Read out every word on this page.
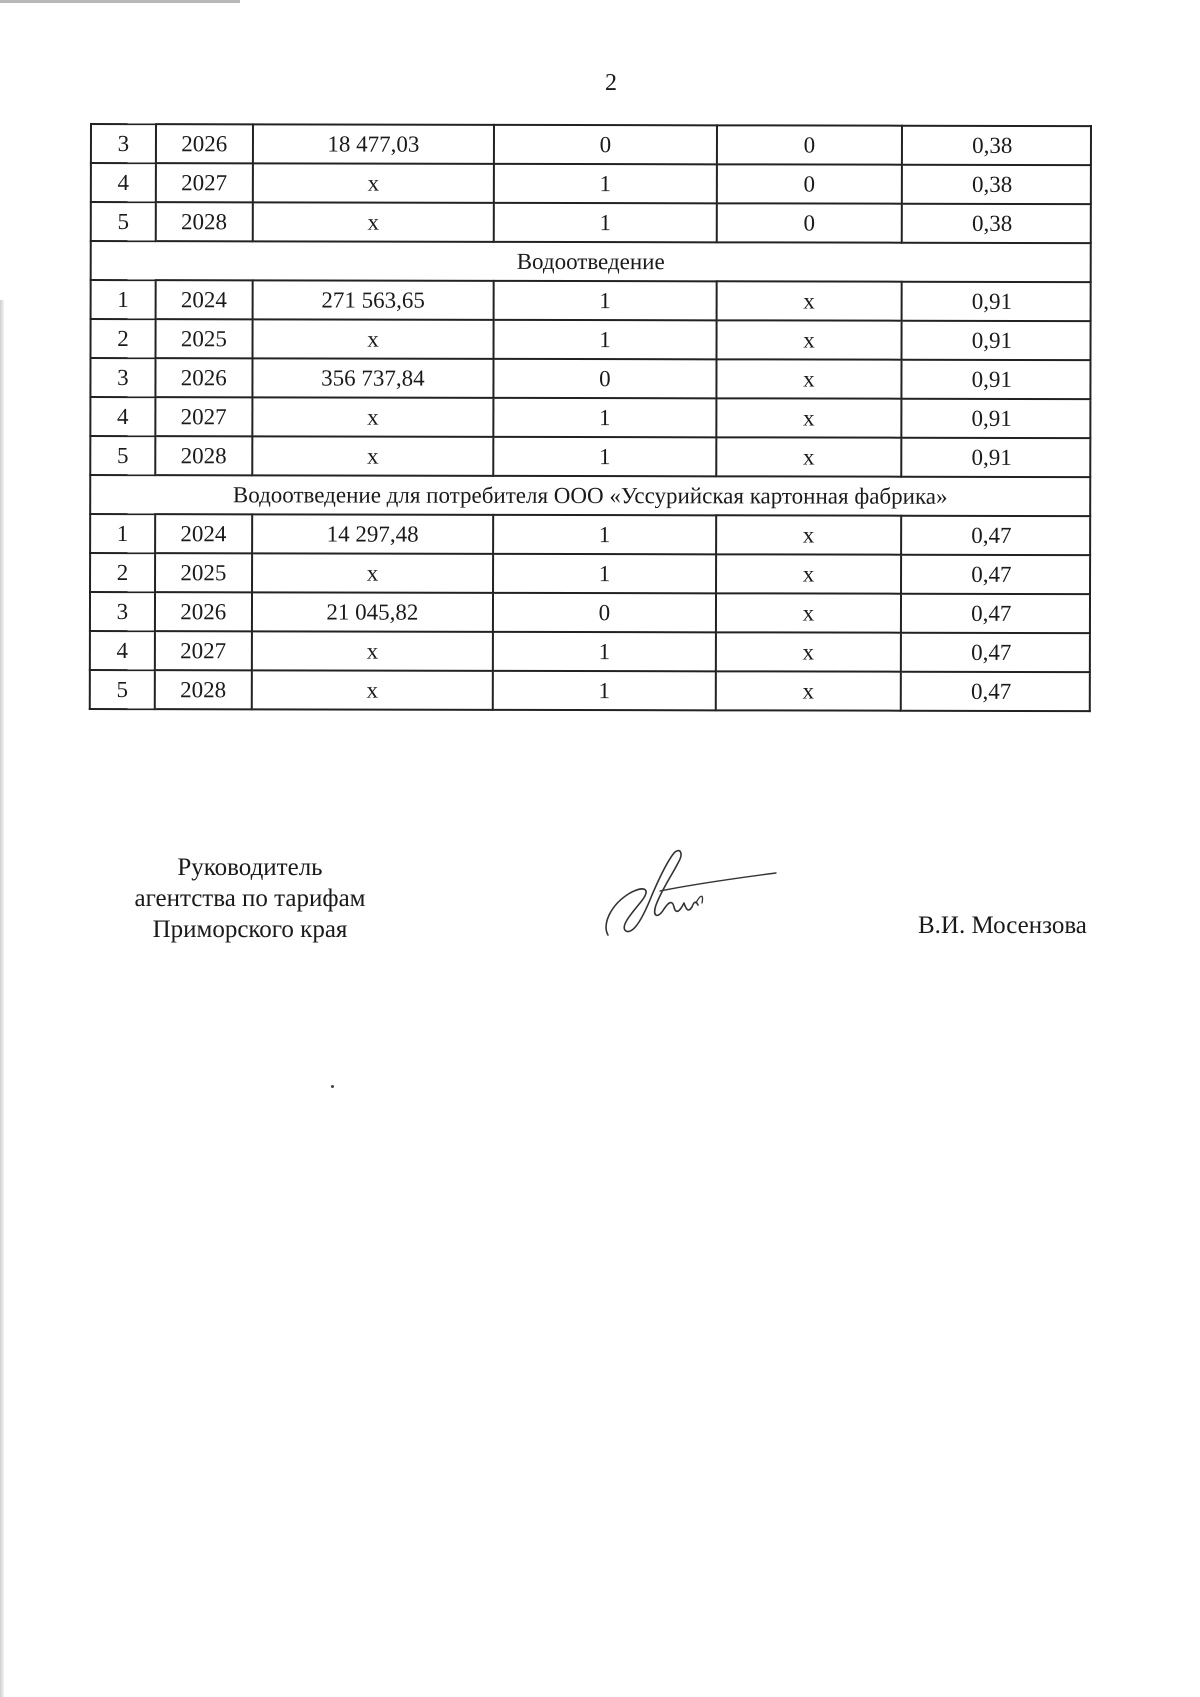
2
3	2026	18 477,03	0	0	0,38
4	2027	х	1	0	0,38
5	2028	х	1	0	0,38
Водоотведение					
1	2024	271 563,65	1	х	0,91
2	2025	х	1	х	0,91
3	2026	356 737,84	0	х	0,91
4	2027	х	1	х	0,91
5	2028	х	1	х	0,91
Водоотведение для потребителя ООО «Уссурийская картонная фабрика»					
1	2024	14 297,48	1	х	0,47
2	2025	х	1	х	0,47
3	2026	21 045,82	0	х	0,47
4	2027	х	1	х	0,47
5	2028	х	1	х	0,47
Руководитель
агентства по тарифам
Приморского края	В.И. Мосензова
